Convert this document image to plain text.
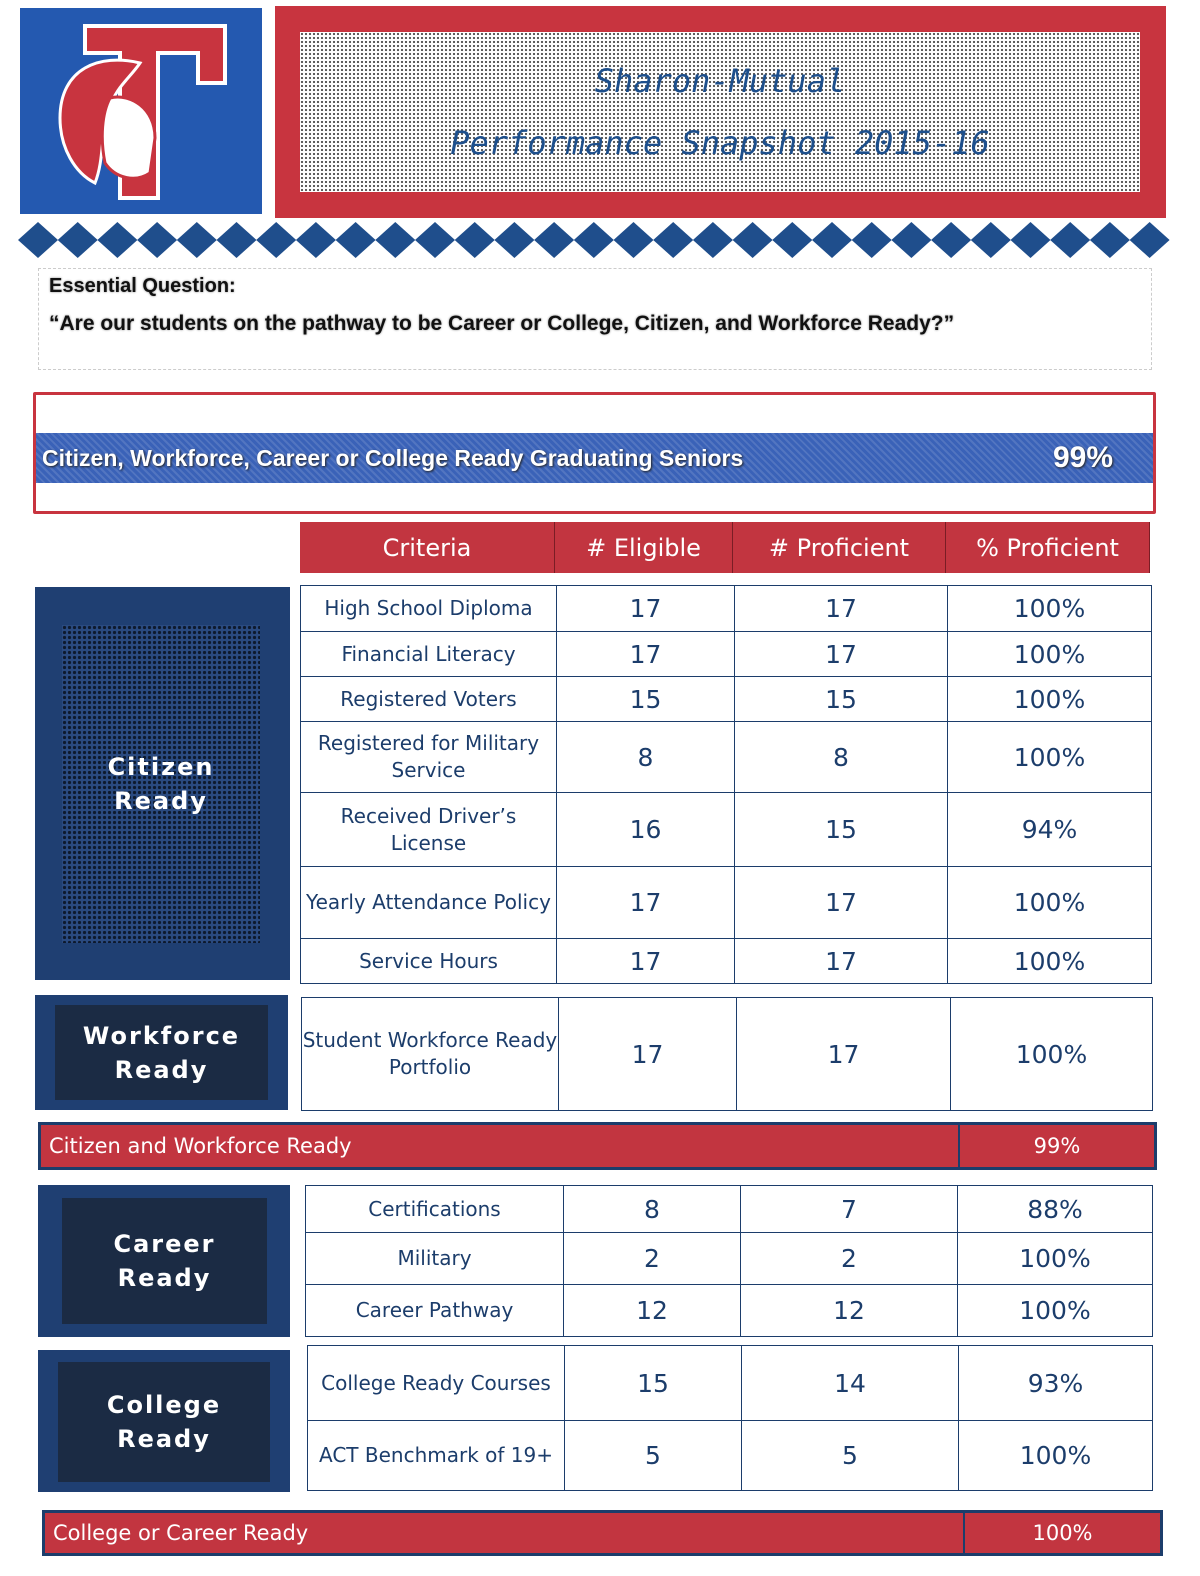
Sharon-Mutual
Performance Snapshot 2015-16
Essential Question:
“Are our students on the pathway to be Career or College, Citizen, and Workforce Ready?”
Citizen, Workforce, Career or College Ready Graduating Seniors	99%
Criteria	# Eligible	# Proficient	% Proficient
Citizen
Ready
High School Diploma	17	17	100%
Financial Literacy	17	17	100%
Registered Voters	15	15	100%
Registered for Military Service	8	8	100%
Received Driver’s License	16	15	94%
Yearly Attendance Policy	17	17	100%
Service Hours	17	17	100%
Workforce
Ready
Student Workforce Ready Portfolio	17	17	100%
Career
Ready
Certifications	8	7	88%
Military	2	2	100%
Career Pathway	12	12	100%
College
Ready
College Ready Courses	15	14	93%
ACT Benchmark of 19+	5	5	100%
Citizen and Workforce Ready	99%
College or Career Ready	100%
